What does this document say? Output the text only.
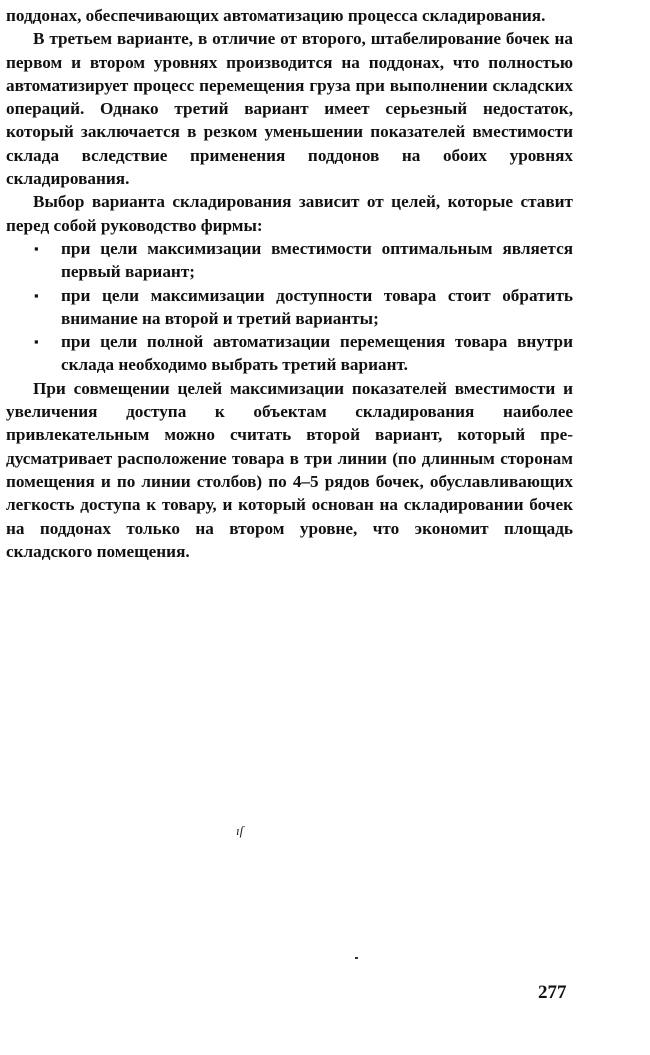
поддонах, обеспечивающих автоматизацию процесса складирования.

В третьем варианте, в отличие от второго, штабелирование бочек на первом и втором уровнях производится на поддонах, что полностью автоматизирует процесс перемещения груза при выполнении складских операций. Однако третий вариант имеет серьезный недостаток, который заключается в резком уменьшении показателей вместимости склада вследствие применения поддонов на обоих уровнях складирования.

Выбор варианта складирования зависит от целей, которые ставит перед собой руководство фирмы:

▪ при цели максимизации вместимости оптимальным является первый вариант;
▪ при цели максимизации доступности товара стоит обратить внимание на второй и третий варианты;
▪ при цели полной автоматизации перемещения товара внутри склада необходимо выбрать третий вариант.

При совмещении целей максимизации показателей вместимости и увеличения доступа к объектам складирования наиболее привлекательным можно считать второй вариант, который предусматривает расположение товара в три линии (по длинным сторонам помещения и по линии столбов) по 4–5 рядов бочек, обуславливающих легкость доступа к товару, и который основан на складировании бочек на поддонах только на втором уровне, что экономит площадь складского помещения.

ıſ
277
